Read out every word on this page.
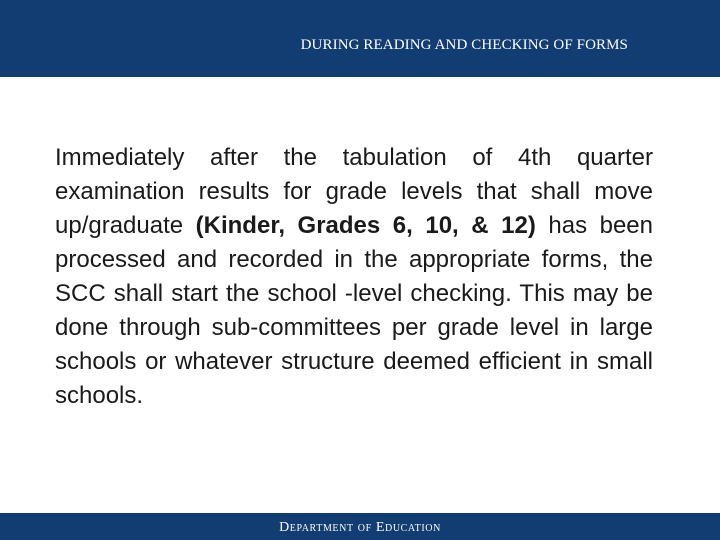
DURING READING AND CHECKING OF FORMS
Immediately after the tabulation of 4th quarter examination results for grade levels that shall move up/graduate (Kinder, Grades 6, 10, & 12) has been processed and recorded in the appropriate forms, the SCC shall start the school -level checking. This may be done through sub-committees per grade level in large schools or whatever structure deemed efficient in small schools.
Department of Education
